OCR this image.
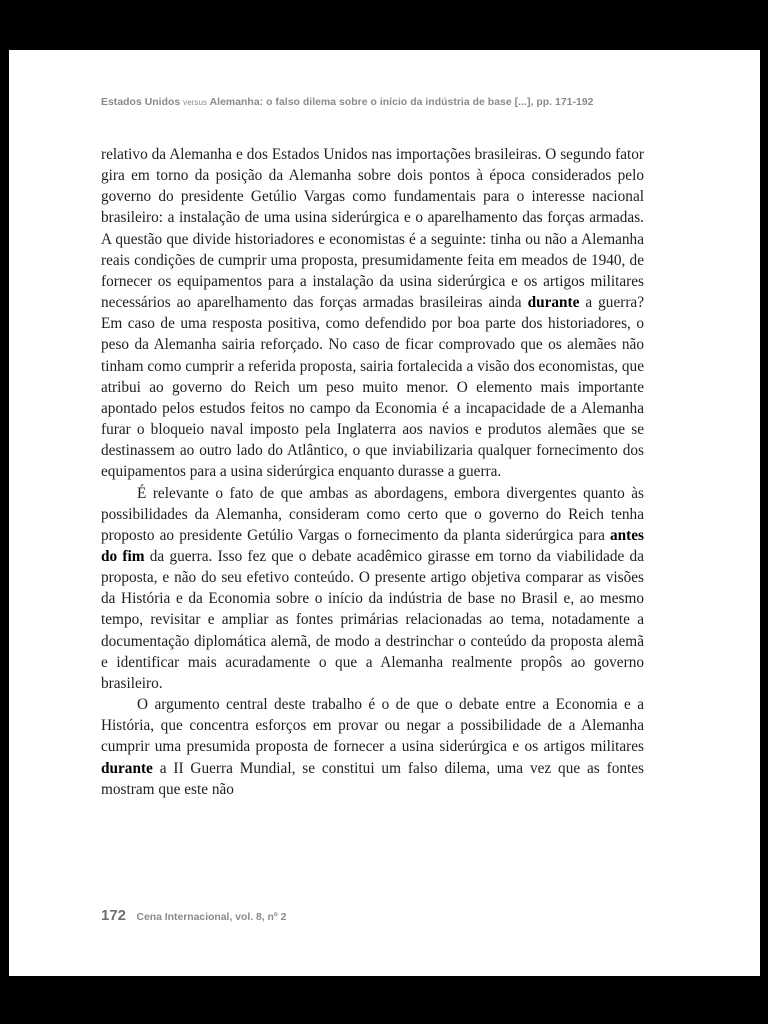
Estados Unidos versus Alemanha: o falso dilema sobre o início da indústria de base [...], pp. 171-192

relativo da Alemanha e dos Estados Unidos nas importações brasileiras. O segundo fator gira em torno da posição da Alemanha sobre dois pontos à época considerados pelo governo do presidente Getúlio Vargas como fundamentais para o interesse nacional brasileiro: a instalação de uma usina siderúrgica e o aparelhamento das forças armadas. A questão que divide historiadores e economistas é a seguinte: tinha ou não a Alemanha reais condições de cumprir uma proposta, presumidamente feita em meados de 1940, de fornecer os equipamentos para a instalação da usina siderúrgica e os artigos militares necessários ao aparelhamento das forças armadas brasileiras ainda durante a guerra? Em caso de uma resposta positiva, como defendido por boa parte dos historiadores, o peso da Alemanha sairia reforçado. No caso de ficar comprovado que os alemães não tinham como cumprir a referida proposta, sairia fortalecida a visão dos economistas, que atribui ao governo do Reich um peso muito menor. O elemento mais importante apontado pelos estudos feitos no campo da Economia é a incapacidade de a Alemanha furar o bloqueio naval imposto pela Inglaterra aos navios e produtos alemães que se destinassem ao outro lado do Atlântico, o que inviabilizaria qualquer fornecimento dos equipamentos para a usina siderúrgica enquanto durasse a guerra.

É relevante o fato de que ambas as abordagens, embora divergentes quanto às possibilidades da Alemanha, consideram como certo que o governo do Reich tenha proposto ao presidente Getúlio Vargas o fornecimento da planta siderúrgica para antes do fim da guerra. Isso fez que o debate acadêmico girasse em torno da viabilidade da proposta, e não do seu efetivo conteúdo. O presente artigo objetiva comparar as visões da História e da Economia sobre o início da indústria de base no Brasil e, ao mesmo tempo, revisitar e ampliar as fontes primárias relacionadas ao tema, notadamente a documentação diplomática alemã, de modo a destrinchar o conteúdo da proposta alemã e identificar mais acuradamente o que a Alemanha realmente propôs ao governo brasileiro.

O argumento central deste trabalho é o de que o debate entre a Economia e a História, que concentra esforços em provar ou negar a possibilidade de a Alemanha cumprir uma presumida proposta de fornecer a usina siderúrgica e os artigos militares durante a II Guerra Mundial, se constitui um falso dilema, uma vez que as fontes mostram que este não

172 Cena Internacional, vol. 8, nº 2
